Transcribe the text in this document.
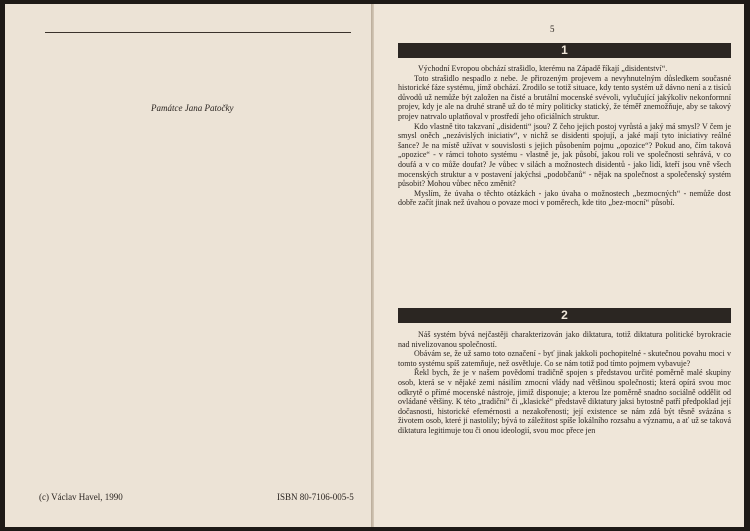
Památce Jana Patočky
(c) Václav Havel, 1990	ISBN 80-7106-005-5
5
1

Východní Evropou obchází strašidlo, kterému na Západě říkají „disidentství“.

Toto strašidlo nespadlo z nebe. Je přirozeným projevem a nevyhnutelným důsledkem současné historické fáze systému, jímž obchází. Zrodilo se totiž situace, kdy tento systém už dávno není a z tisíců důvodů už nemůže být založen na čisté a brutální mocenské svévoli, vylučující jakýkoliv nekonformní projev, kdy je ale na druhé straně už do té míry politicky statický, že téměř znemožňuje, aby se takový projev natrvalo uplatňoval v prostředí jeho oficiálních struktur.

Kdo vlastně tito takzvaní „disidenti“ jsou? Z čeho jejich postoj vyrůstá a jaký má smysl? V čem je smysl oněch „nezávislých iniciativ“, v nichž se disidenti spojují, a jaké mají tyto iniciativy reálné šance? Je na místě užívat v souvislosti s jejich působením pojmu „opozice“? Pokud ano, čím taková „opozice“ - v rámci tohoto systému - vlastně je, jak působí, jakou roli ve společnosti sehrává, v co doufá a v co může doufat? Je vůbec v silách a možnostech disidentů - jako lidí, kteří jsou vně všech mocenských struktur a v postavení jakýchsi „podobčanů“ - nějak na společnost a společenský systém působit? Mohou vůbec něco změnit?

Myslím, že úvaha o těchto otázkách - jako úvaha o možnostech „bezmocných“ - nemůže dost dobře začít jinak než úvahou o povaze moci v poměrech, kde tito „bez-mocní“ působí.

2

Náš systém bývá nejčastěji charakterizován jako diktatura, totiž diktatura politické byrokracie nad nivelizovanou společností.

Obávám se, že už samo toto označení - byť jinak jakkoli pochopitelné - skutečnou povahu moci v tomto systému spíš zatemňuje, než osvětluje. Co se nám totiž pod tímto pojmem vybavuje?

Řekl bych, že je v našem povědomí tradičně spojen s představou určité poměrně malé skupiny osob, která se v nějaké zemi násilím zmocní vlády nad většinou společnosti; která opírá svou moc odkrytě o přímé mocenské nástroje, jimiž disponuje; a kterou lze poměrně snadno sociálně oddělit od ovládané většiny. K této „tradiční“ či „klasické“ představě diktatury jaksi bytostně patří předpoklad její dočasnosti, historické efemérnosti a nezakořenosti; její existence se nám zdá být těsně svázána s životem osob, které ji nastolily; bývá to záležitost spíše lokálního rozsahu a významu, a ať už se taková diktatura legitimuje tou či onou ideologií, svou moc přece jen
